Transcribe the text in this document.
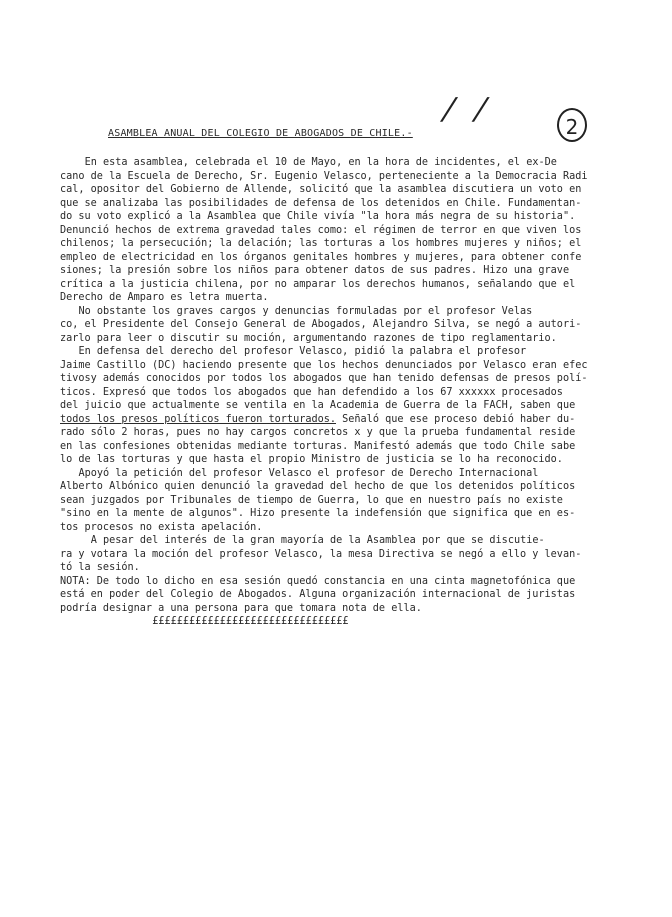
/ /	2
ASAMBLEA ANUAL DEL COLEGIO DE ABOGADOS DE CHILE.-
En esta asamblea, celebrada el 10 de Mayo, en la hora de incidentes, el ex-De
cano de la Escuela de Derecho, Sr. Eugenio Velasco, perteneciente a la Democracia Radi
cal, opositor del Gobierno de Allende, solicitó que la asamblea discutiera un voto en
que se analizaba las posibilidades de defensa de los detenidos en Chile. Fundamentan-
do su voto explicó a la Asamblea que Chile vivía "la hora más negra de su historia".
Denunció hechos de extrema gravedad tales como: el régimen de terror en que viven los
chilenos; la persecución; la delación; las torturas a los hombres mujeres y niños; el
empleo de electricidad en los órganos genitales hombres y mujeres, para obtener confe
siones; la presión sobre los niños para obtener datos de sus padres. Hizo una grave
crítica a la justicia chilena, por no amparar los derechos humanos, señalando que el
Derecho de Amparo es letra muerta.
No obstante los graves cargos y denuncias formuladas por el profesor Velas
co, el Presidente del Consejo General de Abogados, Alejandro Silva, se negó a autori-
zarlo para leer o discutir su moción, argumentando razones de tipo reglamentario.
En defensa del derecho del profesor Velasco, pidió la palabra el profesor
Jaime Castillo (DC) haciendo presente que los hechos denunciados por Velasco eran efec
tivosy además conocidos por todos los abogados que han tenido defensas de presos polí-
ticos. Expresó que todos los abogados que han defendido a los 67 xxxxxx procesados
del juicio que actualmente se ventila en la Academia de Guerra de la FACH, saben que
todos los presos políticos fueron torturados. Señaló que ese proceso debió haber du-
rado sólo 2 horas, pues no hay cargos concretos x y que la prueba fundamental reside
en las confesiones obtenidas mediante torturas. Manifestó además que todo Chile sabe
lo de las torturas y que hasta el propio Ministro de justicia se lo ha reconocido.
Apoyó la petición del profesor Velasco el profesor de Derecho Internacional
Alberto Albónico quien denunció la gravedad del hecho de que los detenidos políticos
sean juzgados por Tribunales de tiempo de Guerra, lo que en nuestro país no existe
"sino en la mente de algunos". Hizo presente la indefensión que significa que en es-
tos procesos no exista apelación.
A pesar del interés de la gran mayoría de la Asamblea por que se discutie-
ra y votara la moción del profesor Velasco, la mesa Directiva se negó a ello y levan-
tó la sesión.
NOTA: De todo lo dicho en esa sesión quedó constancia en una cinta magnetofónica que
está en poder del Colegio de Abogados. Alguna organización internacional de juristas
podría designar a una persona para que tomara nota de ella.
££££££££££££££££££££££££££££££££
